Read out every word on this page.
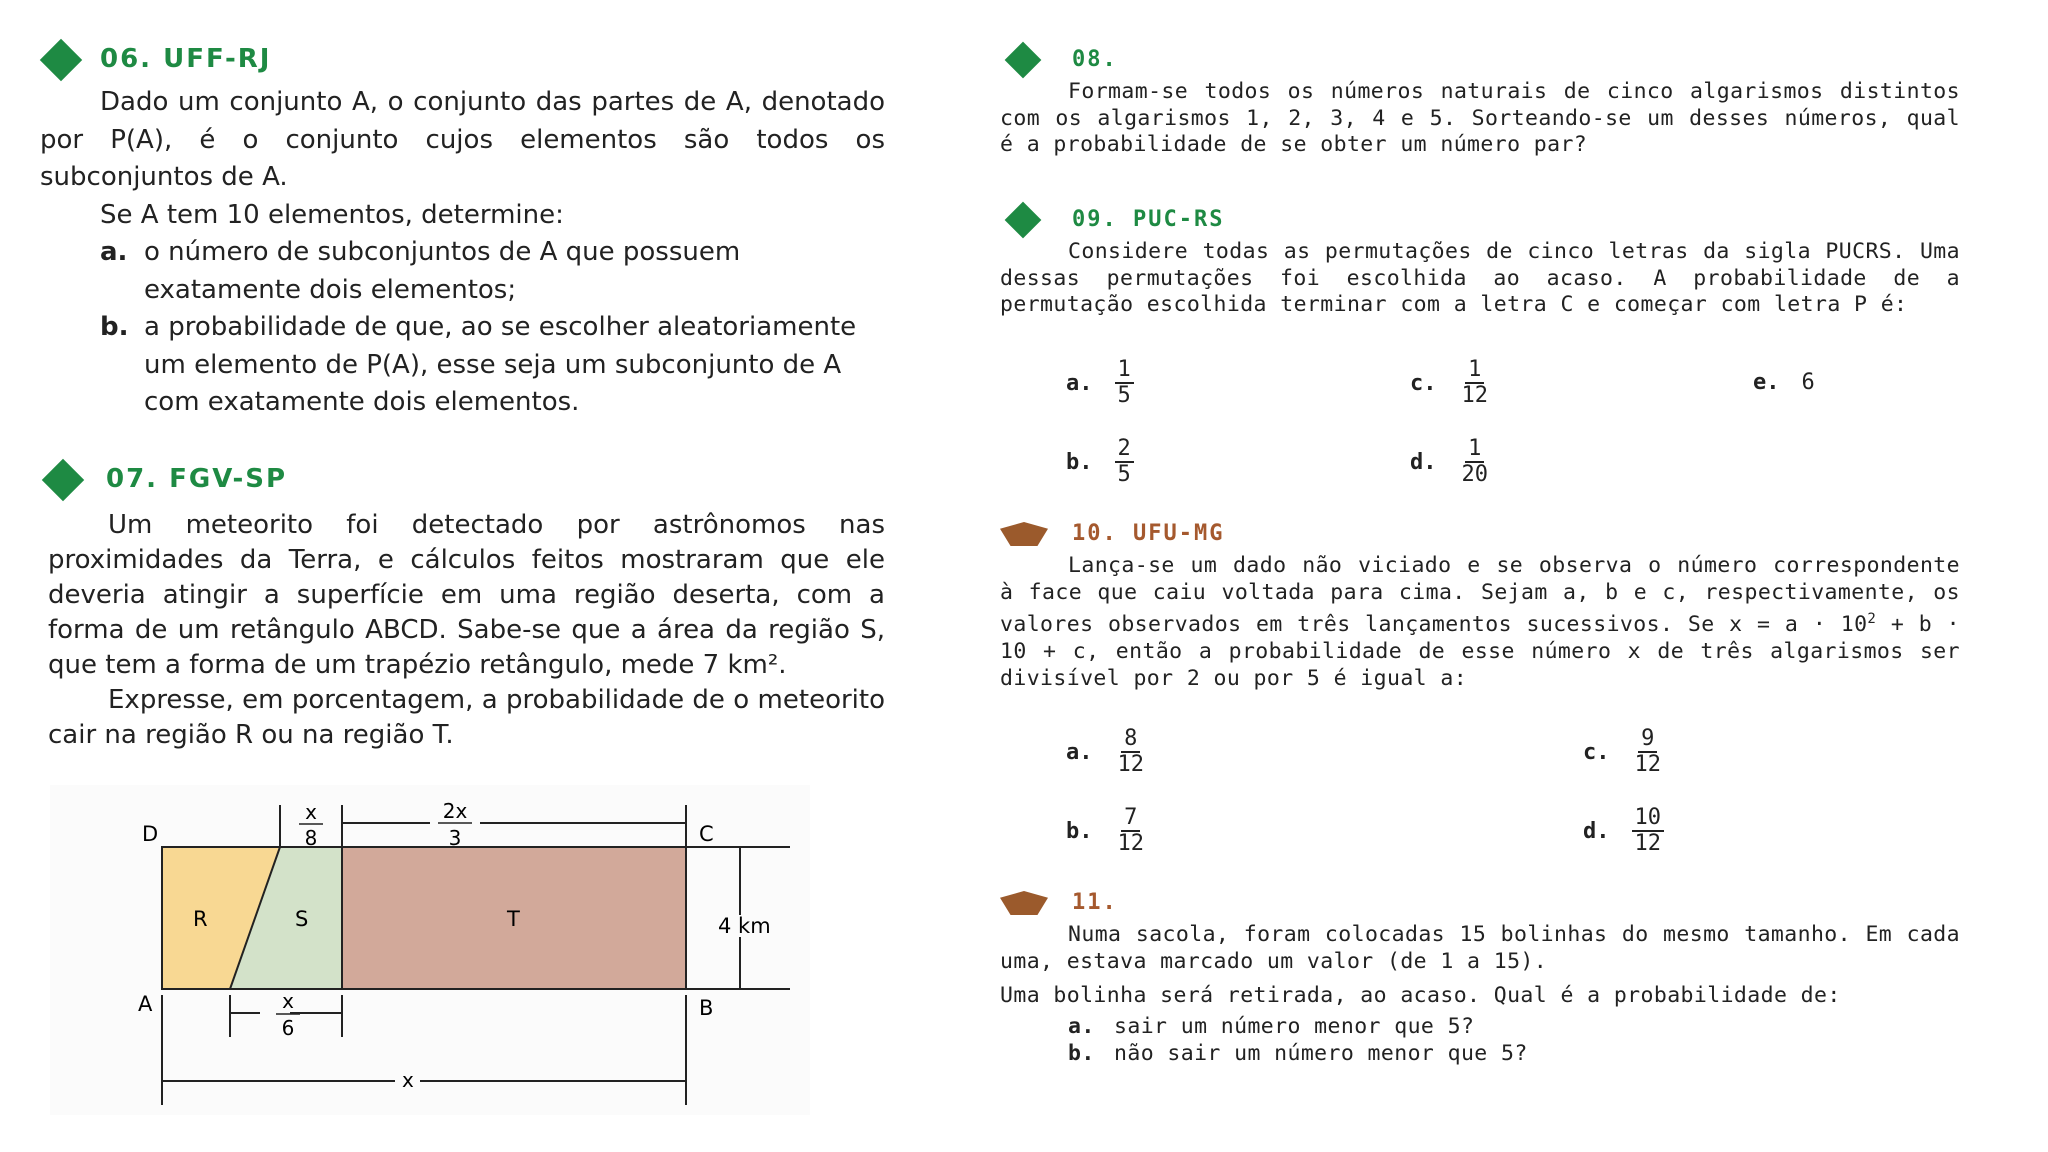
06. UFF-RJ

Dado um conjunto A, o conjunto das partes de A, denotado por P(A), é o conjunto cujos elementos são todos os subconjuntos de A.

Se A tem 10 elementos, determine:

a. o número de subconjuntos de A que possuem exatamente dois elementos;
b. a probabilidade de que, ao se escolher aleatoriamente um elemento de P(A), esse seja um subconjunto de A com exatamente dois elementos.
07. FGV-SP

Um meteorito foi detectado por astrônomos nas proximidades da Terra, e cálculos feitos mostraram que ele deveria atingir a superfície em uma região deserta, com a forma de um retângulo ABCD. Sabe-se que a área da região S, que tem a forma de um trapézio retângulo, mede 7 km².

Expresse, em porcentagem, a probabilidade de o meteorito cair na região R ou na região T.

D	C
A	B
R	S	T
x
8
2x
3
4 km
x
6
x
08.

Formam-se todos os números naturais de cinco algarismos distintos com os algarismos 1, 2, 3, 4 e 5. Sorteando-se um desses números, qual é a probabilidade de se obter um número par?

09. PUC-RS

Considere todas as permutações de cinco letras da sigla PUCRS. Uma dessas permutações foi escolhida ao acaso. A probabilidade de a permutação escolhida terminar com a letra C e começar com letra P é:

a. $\frac{1}{5}$
b. $\frac{2}{5}$
c. $\frac{1}{12}$
d. $\frac{1}{20}$
e. 6
10. UFU-MG

Lança-se um dado não viciado e se observa o número correspondente à face que caiu voltada para cima. Sejam a, b e c, respectivamente, os valores observados em três lançamentos sucessivos. Se $x = a \cdot 10^2 + b \cdot 10 + c$, então a probabilidade de esse número x de três algarismos ser divisível por 2 ou por 5 é igual a:

a. $\frac{8}{12}$
b. $\frac{7}{12}$
c. $\frac{9}{12}$
d. $\frac{10}{12}$
11.

Numa sacola, foram colocadas 15 bolinhas do mesmo tamanho. Em cada uma, estava marcado um valor (de 1 a 15).

Uma bolinha será retirada, ao acaso. Qual é a probabilidade de:

a. sair um número menor que 5?
b. não sair um número menor que 5?
